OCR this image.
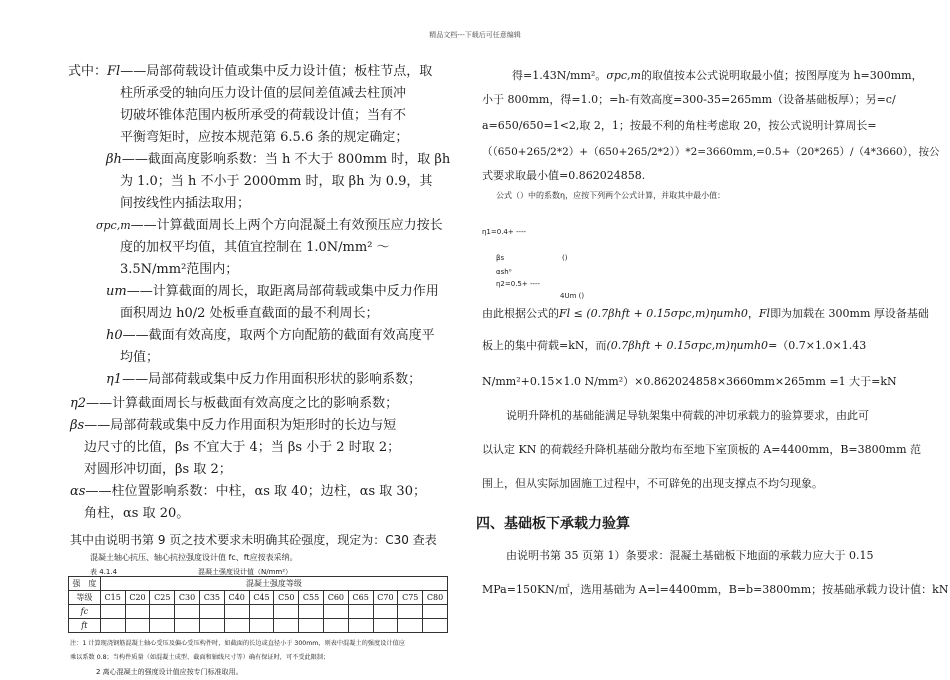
精品文档---下载后可任意编辑
式中：Fl——局部荷载设计值或集中反力设计值；板柱节点，取
柱所承受的轴向压力设计值的层间差值减去柱顶冲
切破坏锥体范围内板所承受的荷载设计值；当有不
平衡弯矩时，应按本规范第 6.5.6 条的规定确定；
βh——截面高度影响系数：当 h 不大于 800mm 时，取 βh
为 1.0；当 h 不小于 2000mm 时，取 βh 为 0.9，其
间按线性内插法取用；
σpc,m——计算截面周长上两个方向混凝土有效预压应力按长
度的加权平均值，其值宜控制在 1.0N/mm² ～
3.5N/mm²范围内；
um——计算截面的周长，取距离局部荷载或集中反力作用
面积周边 h0/2 处板垂直截面的最不利周长；
h0——截面有效高度，取两个方向配筋的截面有效高度平
均值；
η1——局部荷载或集中反力作用面积形状的影响系数；
η2——计算截面周长与板截面有效高度之比的影响系数；
βs——局部荷载或集中反力作用面积为矩形时的长边与短
边尺寸的比值，βs 不宜大于 4；当 βs 小于 2 时取 2；
对圆形冲切面，βs 取 2；
αs——柱位置影响系数：中柱，αs 取 40；边柱，αs 取 30；
角柱，αs 取 20。
其中由说明书第 9 页之技术要求未明确其砼强度，现定为：C30 查表
混凝土轴心抗压、轴心抗拉强度设计值 fc、ft应按表采纳。
表 4.1.4	混凝土强度设计值（N/mm²）
强　度	混凝土强度等级													
等级	C15	C20	C25	C30	C35	C40	C45	C50	C55	C60	C65	C70	C75	C80
fc														
ft														
注：1 计算现浇钢筋混凝土轴心受压及偏心受压构件时，如截面的长边或直径小于 300mm，则表中混凝土的强度设计值应
乘以系数 0.8；当构件质量（如混凝土成型、截面和轴线尺寸等）确有保证时，可不受此限制；
2 离心混凝土的强度设计值应按专门标准取用。
得=1.43N/mm²。σpc,m的取值按本公式说明取最小值；按图厚度为 h=300mm，
小于 800mm，得=1.0；=h-有效高度=300-35=265mm（设备基础板厚）；另=c/
a=650/650=1<2,取 2，1；按最不利的角柱考虑取 20，按公式说明计算周长=
（（650+265/2*2）+（650+265/2*2））*2=3660mm,=0.5+（20*265）/（4*3660），按公
式要求取最小值=0.862024858.
公式（）中的系数η，应按下列两个公式计算，并取其中最小值：
η1=0.4+ ----
βs	()
αsh⁰
η2=0.5+ ----
4Um ()
由此根据公式的Fl ≤ (0.7βhft + 0.15σpc,m)ηumh0，Fl即为加载在 300mm 厚设备基础
板上的集中荷载=kN，而(0.7βhft + 0.15σpc,m)ηumh0=（0.7×1.0×1.43
N/mm²+0.15×1.0 N/mm²）×0.862024858×3660mm×265mm =1 大于=kN
说明升降机的基础能满足导轨架集中荷载的冲切承载力的验算要求，由此可
以认定 KN 的荷载经升降机基础分散均布至地下室顶板的 A=4400mm，B=3800mm 范
围上，但从实际加固施工过程中，不可辟免的出现支撑点不均匀现象。
四、基础板下承载力验算
由说明书第 35 页第 1）条要求：混凝土基础板下地面的承载力应大于 0.15
MPa=150KN/㎡，选用基础为 A=l=4400mm，B=b=3800mm；按基础承载力设计值：kN
